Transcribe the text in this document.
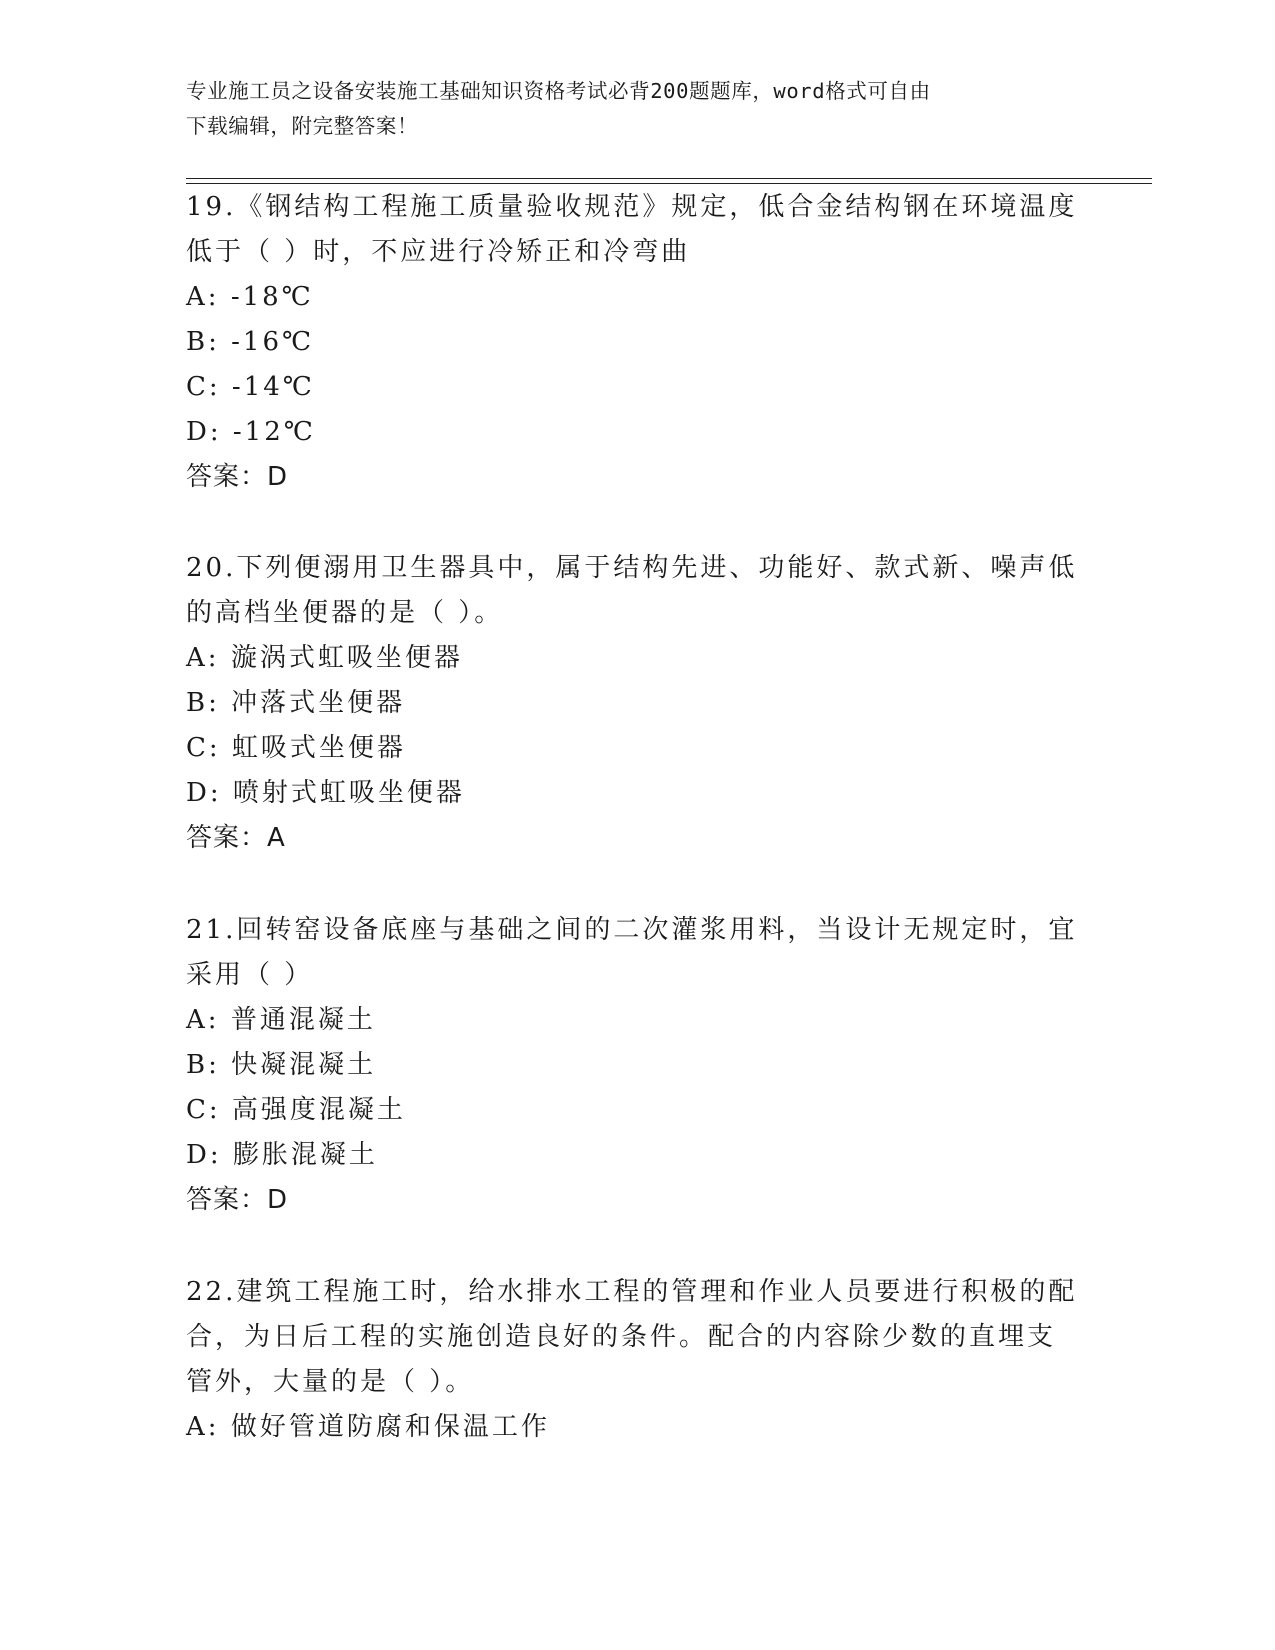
专业施工员之设备安装施工基础知识资格考试必背200题题库，word格式可自由
下载编辑，附完整答案！

19.《钢结构工程施工质量验收规范》规定，低合金结构钢在环境温度

低于（ ）时，不应进行冷矫正和冷弯曲

A: -18℃

B: -16℃

C: -14℃

D: -12℃

答案：D

20.下列便溺用卫生器具中，属于结构先进、功能好、款式新、噪声低

的高档坐便器的是（ ）。

A: 漩涡式虹吸坐便器

B: 冲落式坐便器

C: 虹吸式坐便器

D: 喷射式虹吸坐便器

答案：A

21.回转窑设备底座与基础之间的二次灌浆用料，当设计无规定时，宜

采用（ ）

A: 普通混凝土

B: 快凝混凝土

C: 高强度混凝土

D: 膨胀混凝土

答案：D

22.建筑工程施工时，给水排水工程的管理和作业人员要进行积极的配

合，为日后工程的实施创造良好的条件。配合的内容除少数的直埋支

管外，大量的是（ ）。

A: 做好管道防腐和保温工作
